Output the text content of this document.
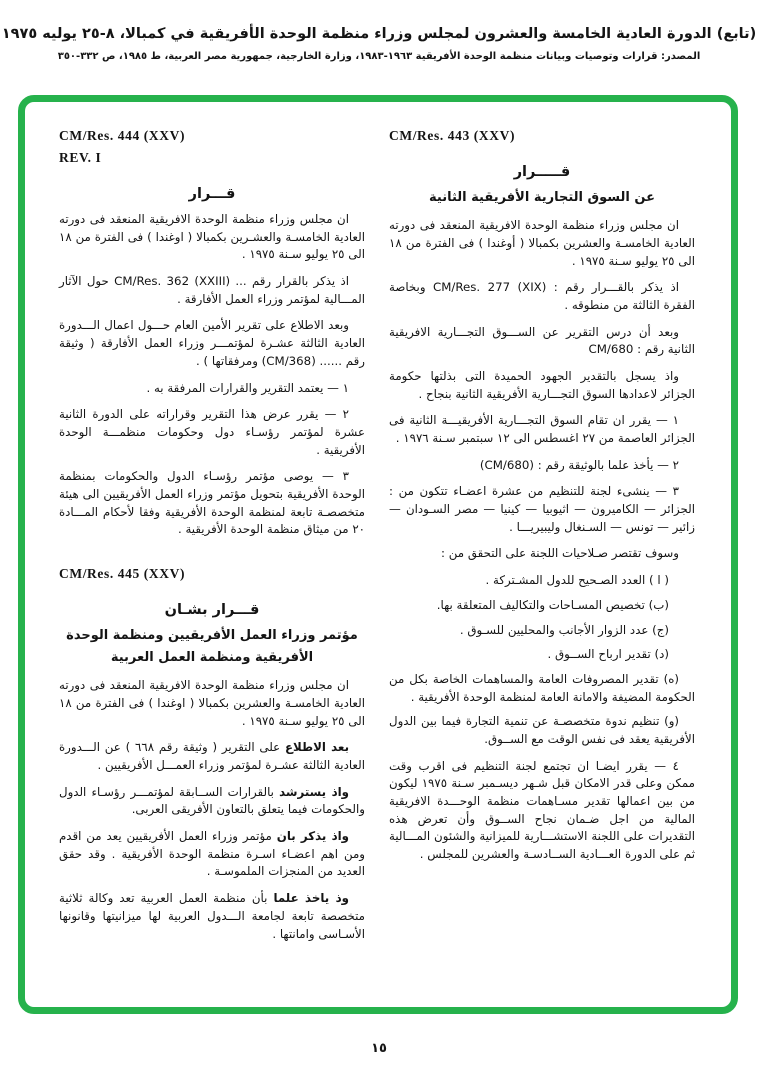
(تابع) الدورة العادية الخامسة والعشرون لمجلس وزراء منظمة الوحدة الأفريقية في كمبالا، ٨-٢٥ يوليه ١٩٧٥
المصدر: قرارات وتوصيات وبيانات منظمة الوحدة الأفريقية ١٩٦٣-١٩٨٣، وزارة الخارجية، جمهورية مصر العربية، ط ١٩٨٥، ص ٣٣٢-٣٥٠
CM/Res. 443 (XXV)
قـــــرار
عن السوق التجارية الأفريقية الثانية

ان مجلس وزراء منظمة الوحدة الافريقية المنعقد فى دورته العادية الخامسـة والعشرين بكمبالا ( أوغندا ) فى الفترة من ١٨ الى ٢٥ يوليو سـنة ١٩٧٥ .

اذ يذكر بالقـــرار رقم : CM/Res. 277 (XIX) وبخاصة الفقرة الثالثة من منطوقه .

وبعد أن درس التقرير عن الســـوق التجـــارية الافريقية الثانية رقم : CM/680

واذ يسجل بالتقدير الجهود الحميدة التى بذلتها حكومة الجزائر لاعدادها السوق التجـــارية الأفريقية الثانية بنجاح .

١ — يقرر ان تقام السوق التجـــارية الأفريقيـــة الثانية فى الجزائر العاصمة من ٢٧ اغسطس الى ١٢ سبتمبر سـنة ١٩٧٦ .

٢ — يأخذ علما بالوثيقة رقم : (CM/680)

٣ — ينشىء لجنة للتنظيم من عشرة اعضـاء تتكون من : الجزائر — الكاميرون — اثيوبيا — كينيا — مصر السـودان — زائير — تونس — السـنغال وليبيريـــا .

وسوف تقتصر صـلاحيات اللجنة على التحقق من :

( ا ) العدد الصـحيح للدول المشـتركة .

(ب) تخصيص المسـاحات والتكاليف المتعلقة بها.

(ج) عدد الزوار الأجانب والمحليين للسـوق .

(د) تقدير ارباح الســوق .

(ه) تقدير المصروفات العامة والمساهمات الخاصة بكل من الحكومة المضيفة والامانة العامة لمنظمة الوحدة الأفريقية .

(و) تنظيم ندوة متخصصـة عن تنمية التجارة فيما بين الدول الأفريقية يعقد فى نفس الوقت مع الســوق.

٤ — يقرر ايضـا ان تجتمع لجنة التنظيم فى اقرب وقت ممكن وعلى قدر الامكان قبل شـهر ديسـمبر سـنة ١٩٧٥ ليكون من بين اعمالها تقدير مسـاهمات منظمة الوحـــدة الافريقية المالية من اجل ضـمان نجاح الســوق وأن تعرض هذه التقديرات على اللجنة الاستشـــارية للميزانية والشئون المـــالية ثم على الدورة العـــادية الســادسـة والعشرين للمجلس .

CM/Res. 444 (XXV)
REV. I
قـــرار

ان مجلس وزراء منظمة الوحدة الافريقية المنعقد فى دورته العادية الخامسـة والعشـرين بكمبالا ( اوغندا ) فى الفترة من ١٨ الى ٢٥ يوليو سـنة ١٩٧٥ .

اذ يذكر بالقرار رقم ... CM/Res. 362 (XXIII) حول الآثار المـــالية لمؤتمر وزراء العمل الأفارقة .

وبعد الاطلاع على تقرير الأمين العام حـــول اعمال الـــدورة العادية الثالثة عشـرة لمؤتمـــر وزراء العمل الأفارقة ( وثيقة رقم ...... (CM/368) ومرفقاتها ) .

١ — يعتمد التقرير والقرارات المرفقة به .

٢ — يقرر عرض هذا التقرير وقراراته على الدورة الثانية عشرة لمؤتمر رؤسـاء دول وحكومات منظمـــة الوحدة الأفريقية .

٣ — يوصى مؤتمر رؤسـاء الدول والحكومات بمنظمة الوحدة الأفريقية بتحويل مؤتمر وزراء العمل الأفريقيين الى هيئة متخصصـة تابعة لمنظمة الوحدة الأفريقية وفقا لأحكام المـــادة ٢٠ من ميثاق منظمة الوحدة الأفريقية .

CM/Res. 445 (XXV)
قـــرار بشـان
مؤتمر وزراء العمل الأفريقيين ومنظمة الوحدة
الأفريقية ومنظمة العمل العربية

ان مجلس وزراء منظمة الوحدة الافريقية المنعقد فى دورته العادية الخامسـة والعشرين بكمبالا ( اوغندا ) فى الفترة من ١٨ الى ٢٥ يوليو سـنة ١٩٧٥ .

بعد الاطلاع على التقرير ( وثيقة رقم ٦٦٨ ) عن الـــدورة العادية الثالثة عشـرة لمؤتمر وزراء العمـــل الأفريقيين .

واذ يسترشد بالقرارات الســابقة لمؤتمـــر رؤسـاء الدول والحكومات فيما يتعلق بالتعاون الأفريقى العربى.

واذ يذكر بان مؤتمر وزراء العمل الأفريقيين يعد من اقدم ومن اهم اعضـاء اسـرة منظمة الوحدة الأفريقية . وقد حقق العديد من المنجزات الملموسـة .

وذ ياخذ علما بأن منظمة العمل العربية تعد وكالة ثلاثية متخصصة تابعة لجامعة الـــدول العربية لها ميزانيتها وقانونها الأسـاسى وامانتها .

١٥
